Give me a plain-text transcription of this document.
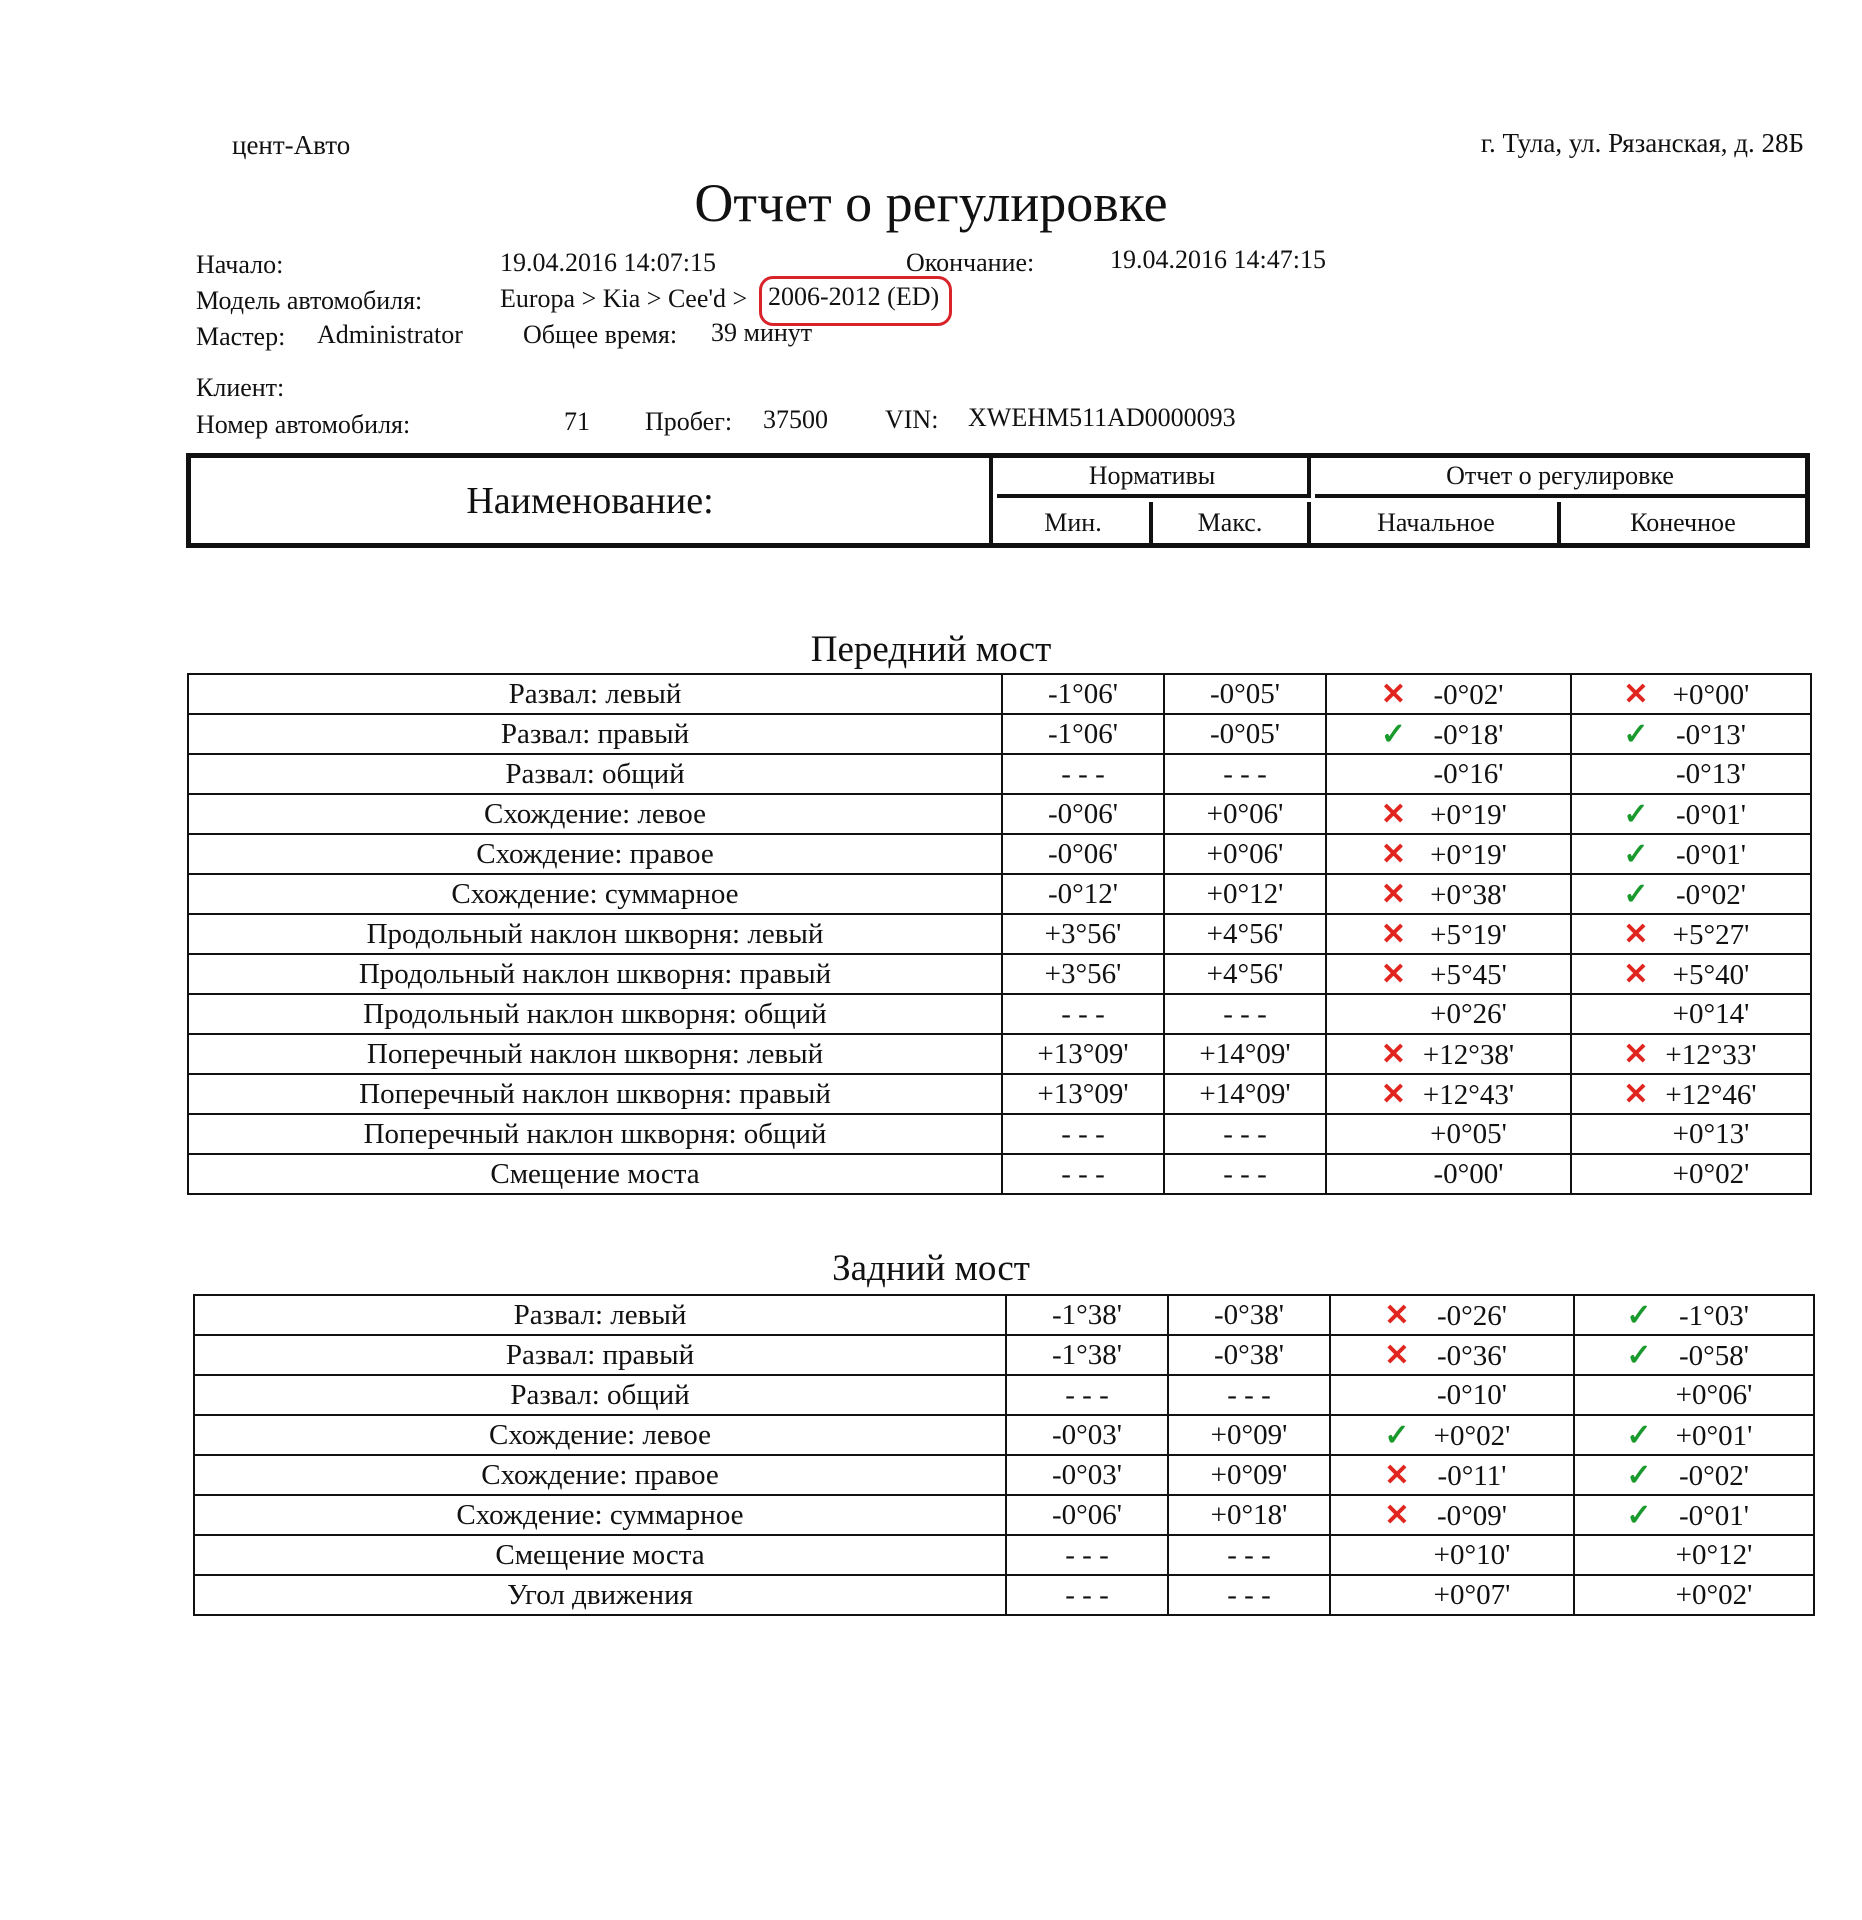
цент-Авто	г. Тула, ул. Рязанская, д. 28Б
Отчет о регулировке
Начало:	19.04.2016 14:07:15	Окончание:	19.04.2016 14:47:15
Модель автомобиля:	Europa > Kia > Cee'd > 2006-2012 (ED)
Мастер: Administrator Общее время: 39 минут
Клиент:
Номер автомобиля:	71 Пробег: 37500 VIN: XWEHM511AD0000093
Наименование:
Нормативы	Отчет о регулировке
Мин.	Макс.	Начальное	Конечное
Передний мост
Развал: левый	-1°06'	-0°05'	✕ -0°02'	✕ +0°00'
Развал: правый	-1°06'	-0°05'	✓ -0°18'	✓ -0°13'
Развал: общий	- - -	- - -	-0°16'	-0°13'
Схождение: левое	-0°06'	+0°06'	✕ +0°19'	✓ -0°01'
Схождение: правое	-0°06'	+0°06'	✕ +0°19'	✓ -0°01'
Схождение: суммарное	-0°12'	+0°12'	✕ +0°38'	✓ -0°02'
Продольный наклон шкворня: левый	+3°56'	+4°56'	✕ +5°19'	✕ +5°27'
Продольный наклон шкворня: правый	+3°56'	+4°56'	✕ +5°45'	✕ +5°40'
Продольный наклон шкворня: общий	- - -	- - -	+0°26'	+0°14'
Поперечный наклон шкворня: левый	+13°09'	+14°09'	✕ +12°38'	✕ +12°33'
Поперечный наклон шкворня: правый	+13°09'	+14°09'	✕ +12°43'	✕ +12°46'
Поперечный наклон шкворня: общий	- - -	- - -	+0°05'	+0°13'
Смещение моста	- - -	- - -	-0°00'	+0°02'
Задний мост
Развал: левый	-1°38'	-0°38'	✕ -0°26'	✓ -1°03'
Развал: правый	-1°38'	-0°38'	✕ -0°36'	✓ -0°58'
Развал: общий	- - -	- - -	-0°10'	+0°06'
Схождение: левое	-0°03'	+0°09'	✓ +0°02'	✓ +0°01'
Схождение: правое	-0°03'	+0°09'	✕ -0°11'	✓ -0°02'
Схождение: суммарное	-0°06'	+0°18'	✕ -0°09'	✓ -0°01'
Смещение моста	- - -	- - -	+0°10'	+0°12'
Угол движения	- - -	- - -	+0°07'	+0°02'
